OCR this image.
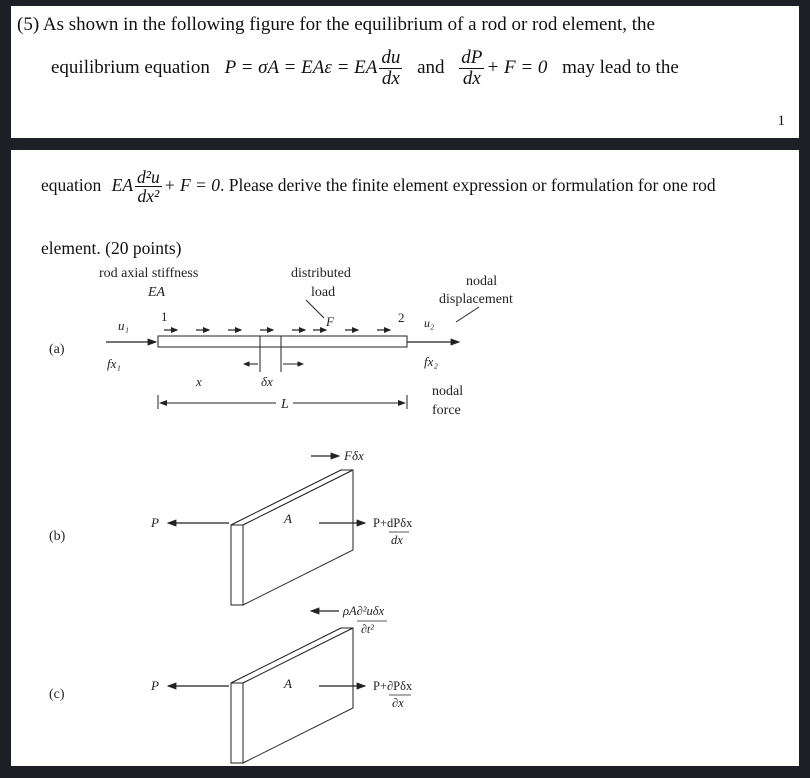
(5) As shown in the following figure for the equilibrium of a rod or rod element, the
equilibrium equation P = σA = EAε = EA $\frac{du}{dx}$ and $\frac{dP}{dx} + F = 0$ may lead to the
1
equation EA $\frac{\text{d²u}}{\text{dx²}} + F = 0$. Please derive the finite element expression or formulation for one rod
element. (20 points)
(a)
rod axial stiffness
EA
distributed
load
nodal
displacement
u₁
1	2 u₂
F
fx₁	fx₂
nodal
force
x	δx
L
(b)
A
Fδx
P	P+dPδx
dx
(c)
A
ρA∂²uδx
∂t²
P	P+∂Pδx
∂x
